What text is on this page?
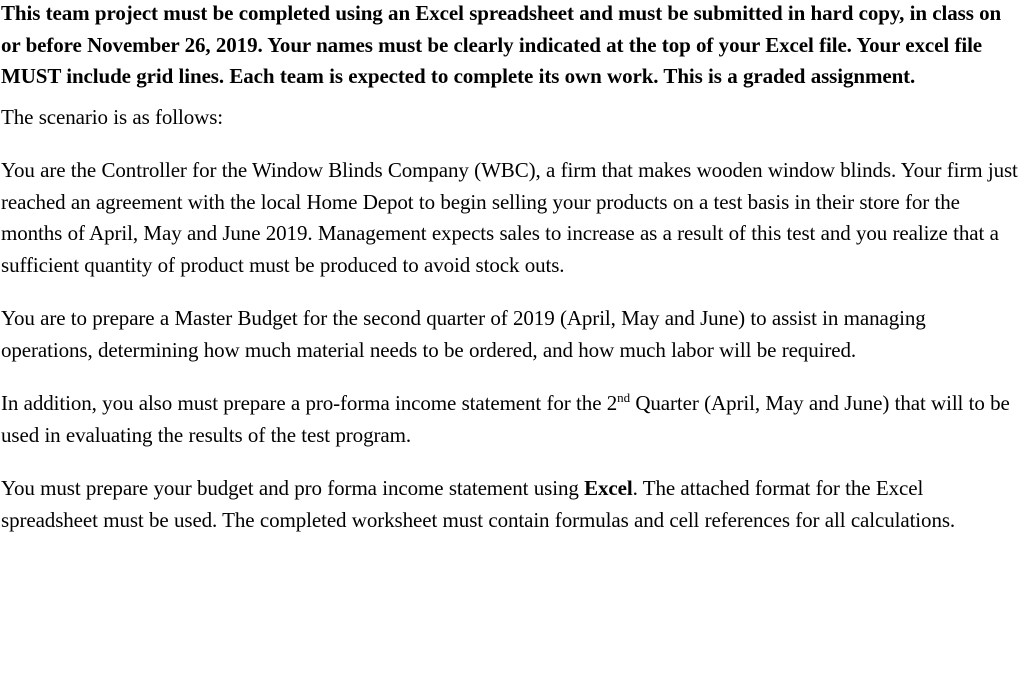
This team project must be completed using an Excel spreadsheet and must be submitted in hard copy, in class on or before November 26, 2019. Your names must be clearly indicated at the top of your Excel file. Your excel file MUST include grid lines. Each team is expected to complete its own work. This is a graded assignment.

The scenario is as follows:

You are the Controller for the Window Blinds Company (WBC), a firm that makes wooden window blinds. Your firm just reached an agreement with the local Home Depot to begin selling your products on a test basis in their store for the months of April, May and June 2019. Management expects sales to increase as a result of this test and you realize that a sufficient quantity of product must be produced to avoid stock outs.

You are to prepare a Master Budget for the second quarter of 2019 (April, May and June) to assist in managing operations, determining how much material needs to be ordered, and how much labor will be required.

In addition, you also must prepare a pro-forma income statement for the 2nd Quarter (April, May and June) that will to be used in evaluating the results of the test program.

You must prepare your budget and pro forma income statement using Excel. The attached format for the Excel spreadsheet must be used. The completed worksheet must contain formulas and cell references for all calculations.
